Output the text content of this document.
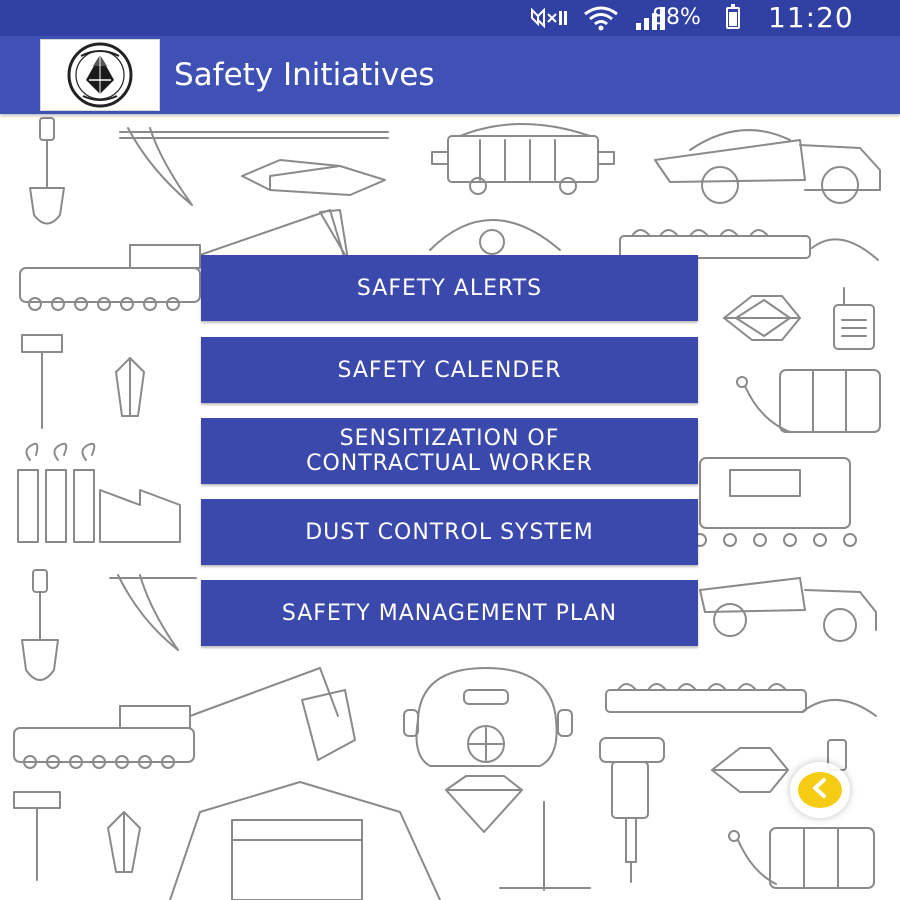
88% 11:20
Safety Initiatives
SAFETY ALERTS
SAFETY CALENDER
SENSITIZATION OF
CONTRACTUAL WORKER
DUST CONTROL SYSTEM
SAFETY MANAGEMENT PLAN
